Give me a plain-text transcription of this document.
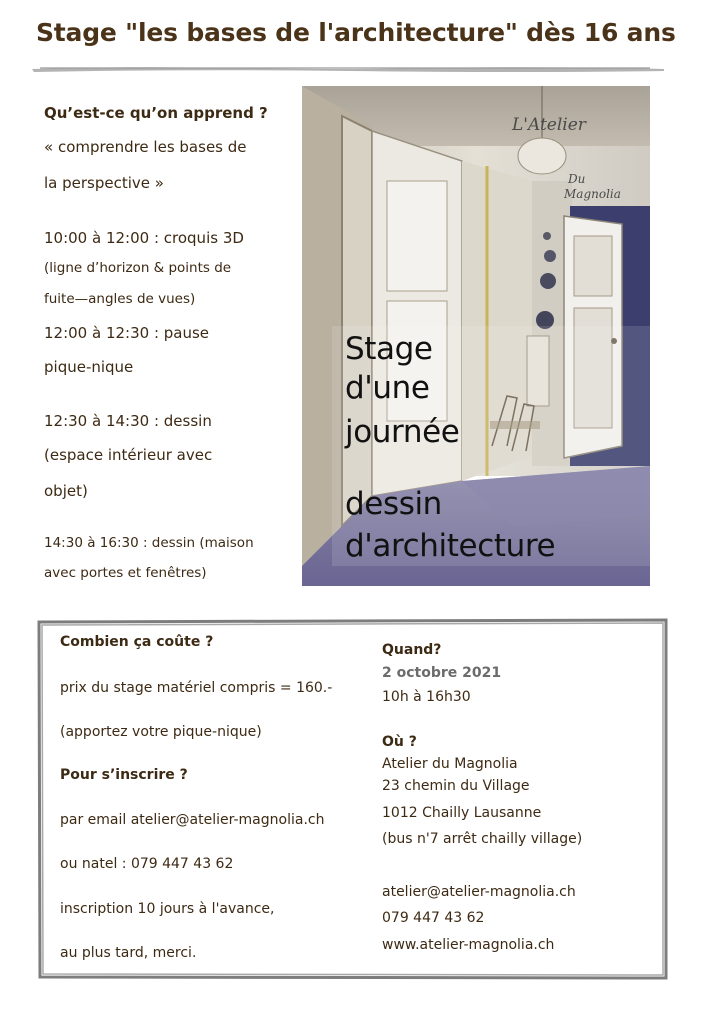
Stage "les bases de l'architecture" dès 16 ans
Qu’est-ce qu’on apprend ?
« comprendre les bases de
la perspective »
10:00 à 12:00 : croquis 3D
(ligne d’horizon & points de
fuite—angles de vues)
12:00 à 12:30 : pause
pique-nique
12:30 à 14:30 : dessin
(espace intérieur avec
objet)
14:30 à 16:30 : dessin (maison
avec portes et fenêtres)
L'Atelier
Du
Magnolia
Stage
d'une
journée
dessin
d'architecture
Combien ça coûte ?
prix du stage matériel compris = 160.-
(apportez votre pique-nique)
Pour s’inscrire ?
par email atelier@atelier-magnolia.ch
ou natel : 079 447 43 62
inscription 10 jours à l'avance,
au plus tard, merci.
Quand?
2 octobre 2021
10h à 16h30
Où ?
Atelier du Magnolia
23 chemin du Village
1012 Chailly Lausanne
(bus n'7 arrêt chailly village)
atelier@atelier-magnolia.ch
079 447 43 62
www.atelier-magnolia.ch
